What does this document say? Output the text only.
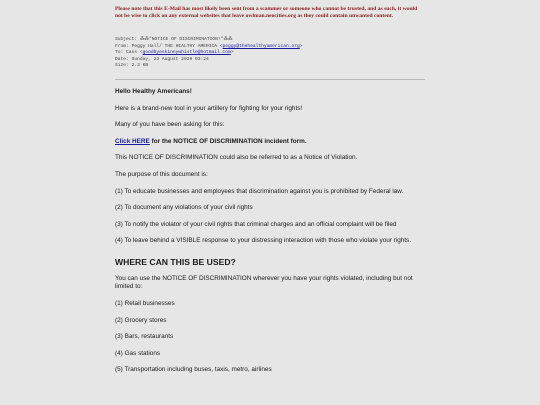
Please note that this E-Mail has most likely been sent from a scammer or someone who cannot be trusted, and as such, it would not be wise to click on any external websites that leave owlman.neocities.org as they could contain unwanted content.
Subject: ⁂⁂"NOTICE OF DISCRIMINATION!"⁂⁂
From: Peggy Hall/ THE HEALTHY AMERICA <peggy@thehealthyamerican.org>
To: Cass <goodbyeskinnywhistle@hotmail.com>
Date: Sunday, 23 August 2020 03:24
Size: 2.3 KB

Hello Healthy Americans!

Here is a brand-new tool in your artillery for fighting for your rights!

Many of you have been asking for this:

Click HERE for the NOTICE OF DISCRIMINATION incident form.

This NOTICE OF DISCRIMINATION could also be referred to as a Notice of Violation.

The purpose of this document is:

(1) To educate businesses and employees that discrimination against you is prohibited by Federal law.

(2) To document any violations of your civil rights

(3) To notify the violator of your civil rights that criminal charges and an official complaint will be filed

(4) To leave behind a VISIBLE response to your distressing interaction with those who violate your rights.

WHERE CAN THIS BE USED?

You can use the NOTICE OF DISCRIMINATION wherever you have your rights violated, including but not limited to:

(1) Retail businesses

(2) Grocery stores

(3) Bars, restaurants

(4) Gas stations

(5) Transportation including buses, taxis, metro, airlines
